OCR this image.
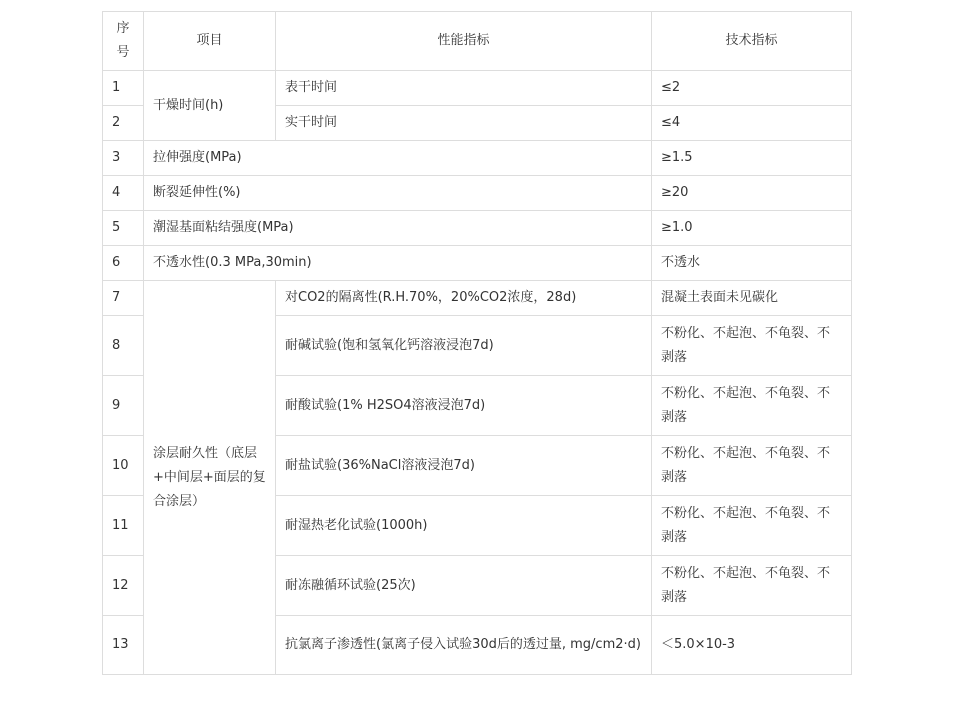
序号	项目	性能指标	技术指标
1	干燥时间(h)	表干时间	≤2
2		实干时间	≤4
3	拉伸强度(MPa)		≥1.5
4	断裂延伸性(%)		≥20
5	潮湿基面粘结强度(MPa)		≥1.0
6	不透水性(0.3 MPa,30min)		不透水
7	涂层耐久性（底层+中间层+面层的复合涂层）	对CO2的隔离性(R.H.70%，20%CO2浓度，28d)	混凝土表面未见碳化
8		耐碱试验(饱和氢氧化钙溶液浸泡7d)	不粉化、不起泡、不龟裂、不剥落
9		耐酸试验(1% H2SO4溶液浸泡7d)	不粉化、不起泡、不龟裂、不剥落
10		耐盐试验(36%NaCl溶液浸泡7d)	不粉化、不起泡、不龟裂、不剥落
11		耐湿热老化试验(1000h)	不粉化、不起泡、不龟裂、不剥落
12		耐冻融循环试验(25次)	不粉化、不起泡、不龟裂、不剥落
13		抗氯离子渗透性(氯离子侵入试验30d后的透过量, mg/cm2·d)	＜5.0×10-3
